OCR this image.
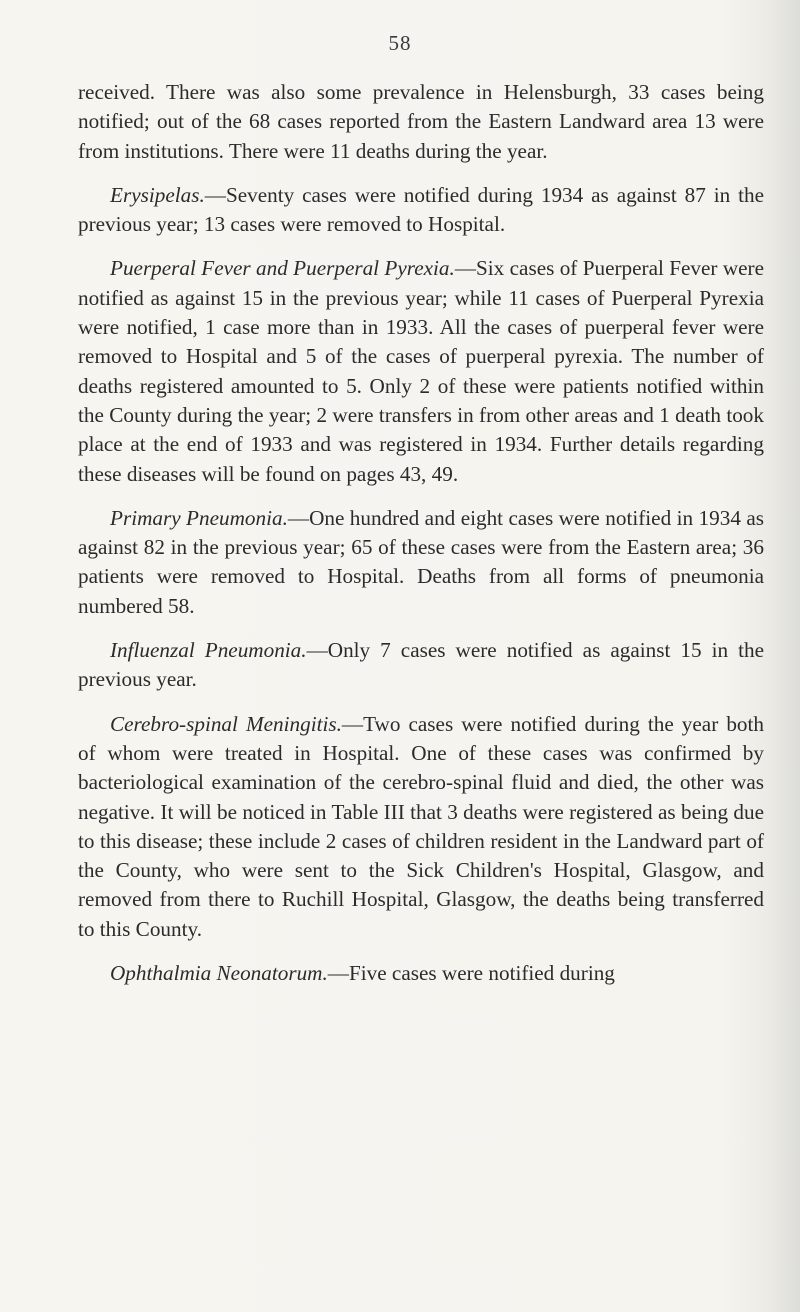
58

received. There was also some prevalence in Helensburgh, 33 cases being notified; out of the 68 cases reported from the Eastern Landward area 13 were from institutions. There were 11 deaths during the year.

Erysipelas.—Seventy cases were notified during 1934 as against 87 in the previous year; 13 cases were removed to Hospital.

Puerperal Fever and Puerperal Pyrexia.—Six cases of Puerperal Fever were notified as against 15 in the previous year; while 11 cases of Puerperal Pyrexia were notified, 1 case more than in 1933. All the cases of puerperal fever were removed to Hospital and 5 of the cases of puerperal pyrexia. The number of deaths registered amounted to 5. Only 2 of these were patients notified within the County during the year; 2 were transfers in from other areas and 1 death took place at the end of 1933 and was registered in 1934. Further details regarding these diseases will be found on pages 43, 49.

Primary Pneumonia.—One hundred and eight cases were notified in 1934 as against 82 in the previous year; 65 of these cases were from the Eastern area; 36 patients were removed to Hospital. Deaths from all forms of pneumonia numbered 58.

Influenzal Pneumonia.—Only 7 cases were notified as against 15 in the previous year.

Cerebro-spinal Meningitis.—Two cases were notified during the year both of whom were treated in Hospital. One of these cases was confirmed by bacteriological examination of the cerebro-spinal fluid and died, the other was negative. It will be noticed in Table III that 3 deaths were registered as being due to this disease; these include 2 cases of children resident in the Landward part of the County, who were sent to the Sick Children's Hospital, Glasgow, and removed from there to Ruchill Hospital, Glasgow, the deaths being transferred to this County.

Ophthalmia Neonatorum.—Five cases were notified during
